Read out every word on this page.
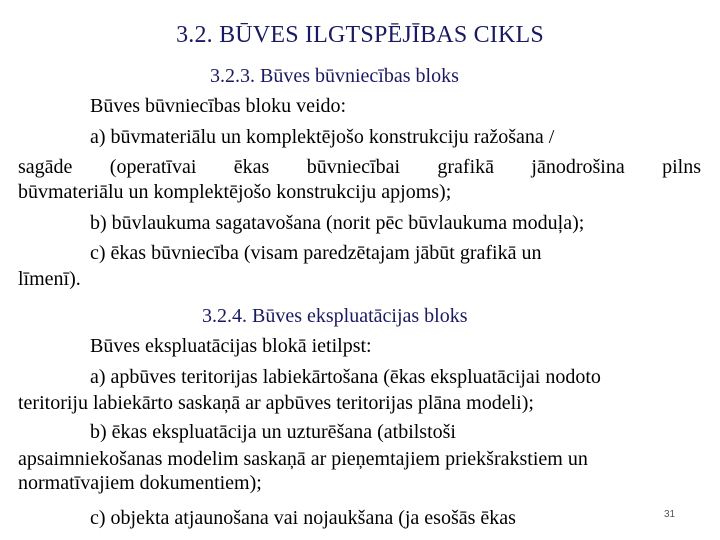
3.2. BŪVES ILGTSPĒJĪBAS CIKLS
3.2.3. Būves būvniecības bloks
Būves būvniecības bloku veido:
a) būvmateriālu un komplektējošo konstrukciju ražošana /
sagāde (operatīvai ēkas būvniecībai grafikā jānodrošina pilns
būvmateriālu un komplektējošo konstrukciju apjoms);
b) būvlaukuma sagatavošana (norit pēc būvlaukuma moduļa);
c) ēkas būvniecība (visam paredzētajam jābūt grafikā un
līmenī).
3.2.4. Būves ekspluatācijas bloks
Būves ekspluatācijas blokā ietilpst:
a) apbūves teritorijas labiekārtošana (ēkas ekspluatācijai nodoto
teritoriju labiekārto saskaņā ar apbūves teritorijas plāna modeli);
b) ēkas ekspluatācija un uzturēšana (atbilstoši
apsaimniekošanas modelim saskaņā ar pieņemtajiem priekšrakstiem un
normatīvajiem dokumentiem);
c) objekta atjaunošana vai nojaukšana (ja esošās ēkas	31
